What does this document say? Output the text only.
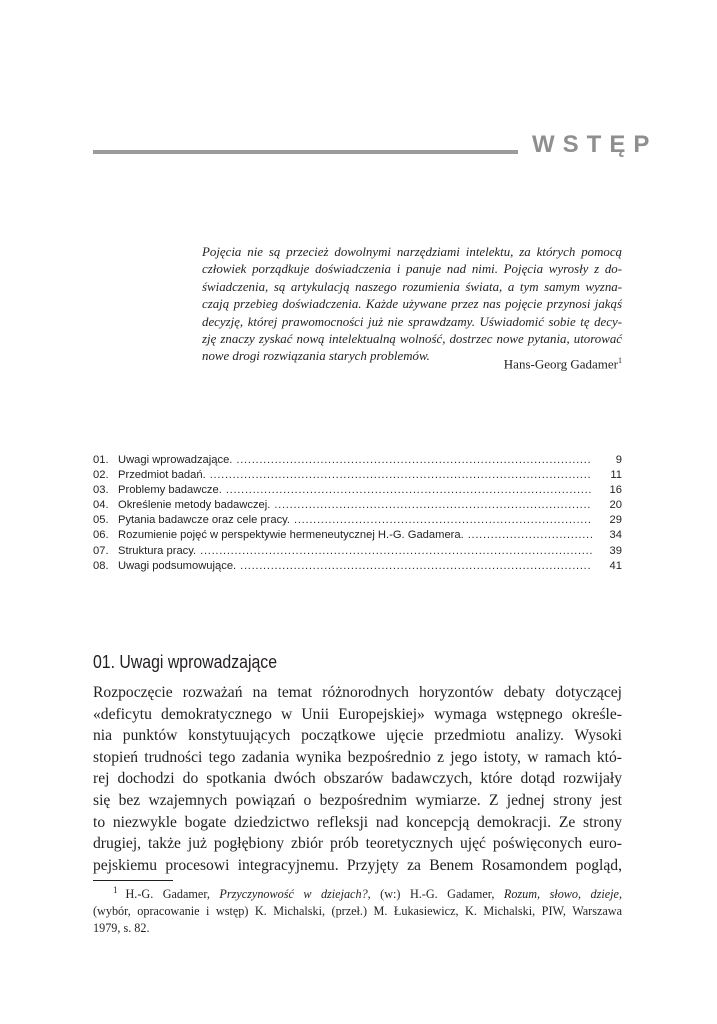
WSTĘP
Pojęcia nie są przecież dowolnymi narzędziami intelektu, za których pomocą
człowiek porządkuje doświadczenia i panuje nad nimi. Pojęcia wyrosły z do-
świadczenia, są artykulacją naszego rozumienia świata, a tym samym wyzna-
czają przebieg doświadczenia. Każde używane przez nas pojęcie przynosi jakąś
decyzję, której prawomocności już nie sprawdzamy. Uświadomić sobie tę decy-
zję znaczy zyskać nową intelektualną wolność, dostrzec nowe pytania, utorować
nowe drogi rozwiązania starych problemów.	Hans-Georg Gadamer$^1$
01. Uwagi wprowadzające. . . .	9
02. Przedmiot badań. . . .	11
03. Problemy badawcze. . . .	16
04. Określenie metody badawczej. . . .	20
05. Pytania badawcze oraz cele pracy. . . .	29
06. Rozumienie pojęć w perspektywie hermeneutycznej H.-G. Gadamera. . . .	34
07. Struktura pracy. . . .	39
08. Uwagi podsumowujące. . . .	41
01. Uwagi wprowadzające
Rozpoczęcie rozważań na temat różnorodnych horyzontów debaty dotyczącej
«deficytu demokratycznego w Unii Europejskiej» wymaga wstępnego określe-
nia punktów konstytuujących początkowe ujęcie przedmiotu analizy. Wysoki
stopień trudności tego zadania wynika bezpośrednio z jego istoty, w ramach któ-
rej dochodzi do spotkania dwóch obszarów badawczych, które dotąd rozwijały
się bez wzajemnych powiązań o bezpośrednim wymiarze. Z jednej strony jest
to niezwykle bogate dziedzictwo refleksji nad koncepcją demokracji. Ze strony
drugiej, także już pogłębiony zbiór prób teoretycznych ujęć poświęconych euro-
pejskiemu procesowi integracyjnemu. Przyjęty za Benem Rosamondem pogląd,
$^1$ H.-G. Gadamer, Przyczynowość w dziejach?, (w:) H.-G. Gadamer, Rozum, słowo, dzieje,
(wybór, opracowanie i wstęp) K. Michalski, (przeł.) M. Łukasiewicz, K. Michalski, PIW, Warszawa
1979, s. 82.
